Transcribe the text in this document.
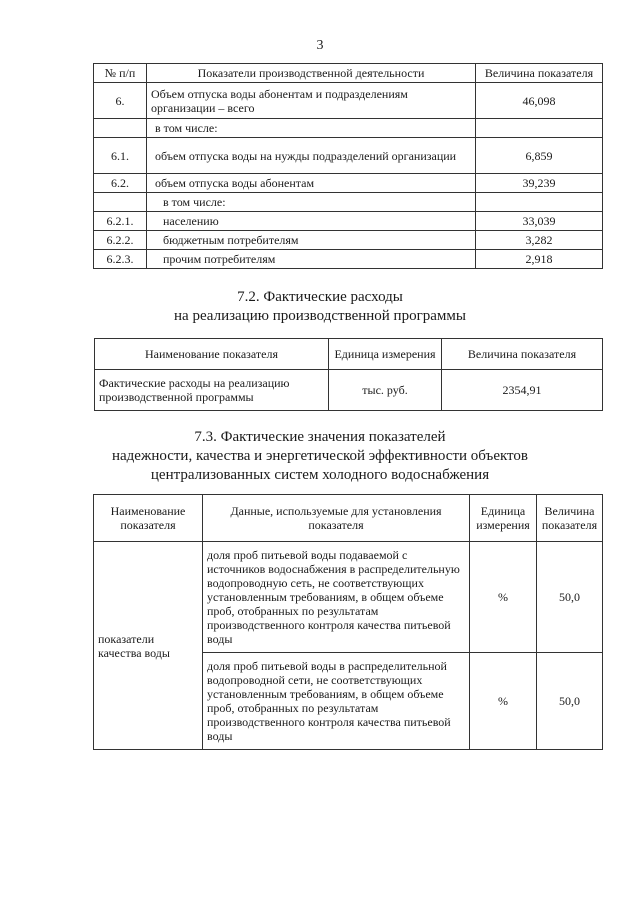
3
№ п/п	Показатели производственной деятельности	Величина показателя
6.	Объем отпуска воды абонентам и подразделениям организации – всего	46,098
	в том числе:	
6.1.	объем отпуска воды на нужды подразделений организации	6,859
6.2.	объем отпуска воды абонентам	39,239
	в том числе:	
6.2.1.	населению	33,039
6.2.2.	бюджетным потребителям	3,282
6.2.3.	прочим потребителям	2,918
7.2. Фактические расходы
на реализацию производственной программы
Наименование показателя	Единица измерения	Величина показателя
Фактические расходы на реализацию производственной программы	тыс. руб.	2354,91
7.3. Фактические значения показателей
надежности, качества и энергетической эффективности объектов
централизованных систем холодного водоснабжения
Наименование показателя	Данные, используемые для установления показателя	Единица измерения	Величина показателя
показатели качества воды	доля проб питьевой воды подаваемой с источников водоснабжения в распределительную водопроводную сеть, не соответствующих установленным требованиям, в общем объеме проб, отобранных по результатам производственного контроля качества питьевой воды	%	50,0
	доля проб питьевой воды в распределительной водопроводной сети, не соответствующих установленным требованиям, в общем объеме проб, отобранных по результатам производственного контроля качества питьевой воды	%	50,0
